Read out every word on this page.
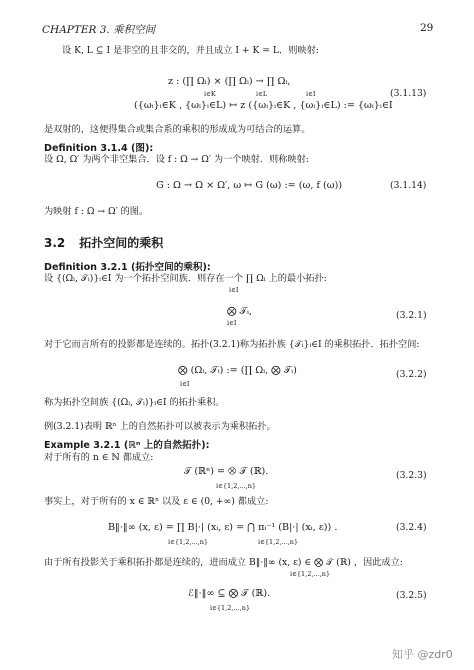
CHAPTER 3. 乘积空间	29
设 K, L ⊆ I 是非空的且非交的，并且成立 I + K = L．则映射:
z : (∏ Ωᵢ) × (∏ Ωᵢ) → ∏ Ωᵢ,
i∈K	i∈L	i∈I
({ωᵢ}ᵢ∈K , {ωᵢ}ᵢ∈L) ↦ z ({ωᵢ}ᵢ∈K , {ωᵢ}ᵢ∈L) := {ωᵢ}ᵢ∈I
(3.1.13)
是双射的，这便得集合或集合系的乘积的形成成为可结合的运算。
Definition 3.1.4 (图):
设 Ω, Ω′ 为两个非空集合．设 f : Ω → Ω′ 为一个映射．则称映射:
G : Ω → Ω × Ω′, ω ↦ G (ω) := (ω, f (ω))	(3.1.14)
为映射 f : Ω → Ω′ 的图。
3.2 拓扑空间的乘积
Definition 3.2.1 (拓扑空间的乘积):
设 {(Ωᵢ, 𝒯ᵢ)}ᵢ∈I 为一个拓扑空间族．则存在一个 ∏ Ωᵢ 上的最小拓扑:
i∈I
⨂ 𝒯ᵢ,
i∈I
(3.2.1)
对于它而言所有的投影都是连续的。拓扑(3.2.1)称为拓扑族 {𝒯ᵢ}ᵢ∈I 的乘积拓扑．拓扑空间:
⨂ (Ωᵢ, 𝒯ᵢ) := (∏ Ωᵢ, ⨂ 𝒯ᵢ)
i∈I
(3.2.2)
称为拓扑空间族 {(Ωᵢ, 𝒯ᵢ)}ᵢ∈I 的拓扑乘积。
例(3.2.1)表明 ℝⁿ 上的自然拓扑可以被表示为乘积拓扑。
Example 3.2.1 (ℝⁿ 上的自然拓扑):
对于所有的 n ∈ ℕ 都成立:
𝒯 (ℝⁿ) = ⨂ 𝒯 (ℝ).
i∈{1,2,...,n}
(3.2.3)
事实上，对于所有的 x ∈ ℝⁿ 以及 ε ∈ (0, +∞) 都成立:
B‖·‖∞ (x, ε) = ∏ B|·| (xᵢ, ε) = ⋂ πᵢ⁻¹ (B|·| (xᵢ, ε)) .
i∈{1,2,...,n}	i∈{1,2,...,n}
(3.2.4)
由于所有投影关于乘积拓扑都是连续的，进而成立 B‖·‖∞ (x, ε) ∈ ⨂ 𝒯 (ℝ) ，因此成立:
i∈{1,2,...,n}
ℰ‖·‖∞ ⊆ ⨂ 𝒯 (ℝ).
i∈{1,2,...,n}
(3.2.5)
知乎 @zdr0
